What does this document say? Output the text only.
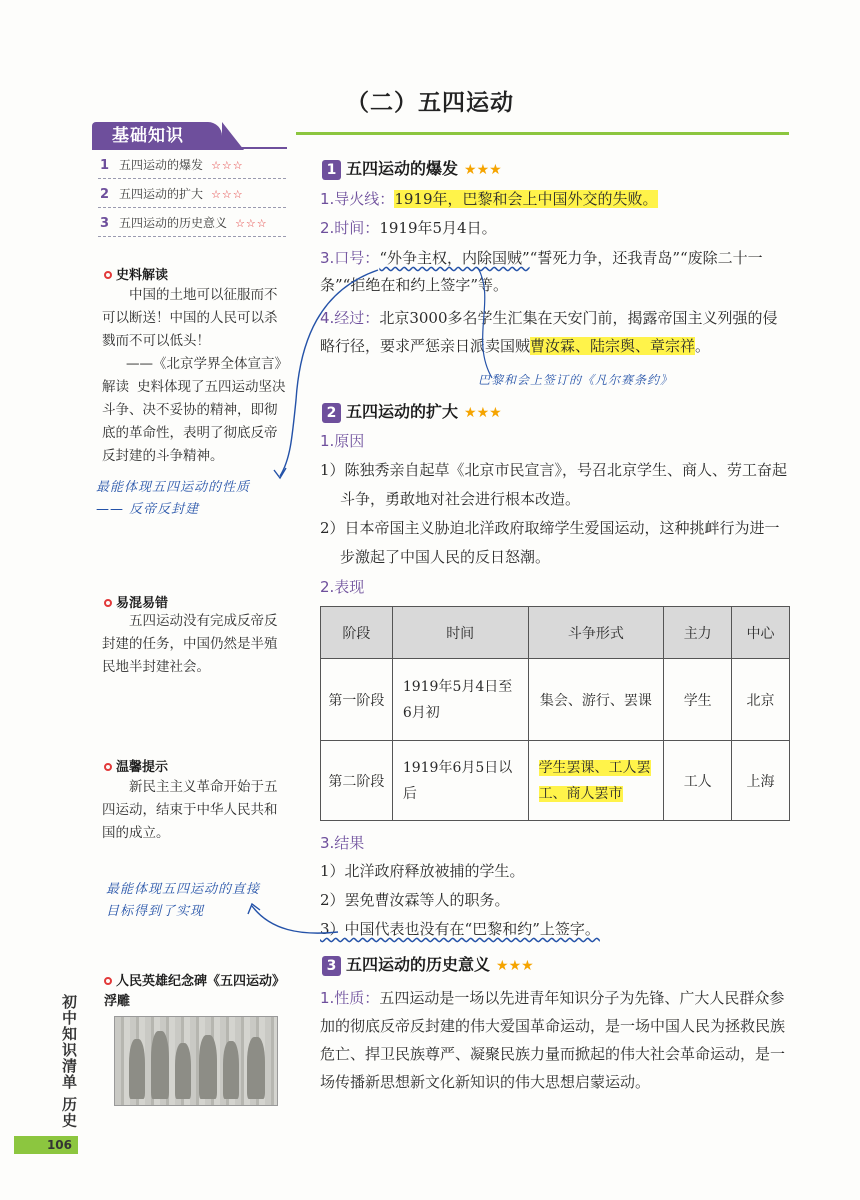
（二）五四运动
基础知识
1 五四运动的爆发 ☆☆☆
2 五四运动的扩大 ☆☆☆
3 五四运动的历史意义 ☆☆☆
史料解读

中国的土地可以征服而不可以断送！中国的人民可以杀戮而不可以低头！

——《北京学界全体宣言》
解读 史料体现了五四运动坚决斗争、决不妥协的精神，即彻底的革命性，表明了彻底反帝反封建的斗争精神。
最能体现五四运动的性质
—— 反帝反封建
易混易错

五四运动没有完成反帝反封建的任务，中国仍然是半殖民地半封建社会。

温馨提示

新民主主义革命开始于五四运动，结束于中华人民共和国的成立。

最能体现五四运动的直接
目标得到了实现
人民英雄纪念碑《五四运动》浮雕
初中知识清单 历史
106
1 五四运动的爆发 ★★★
1.导火线：1919年，巴黎和会上中国外交的失败。
2.时间：1919年5月4日。
3.口号：“外争主权，内除国贼”“誓死力争，还我青岛”“废除二十一条”“拒绝在和约上签字”等。
4.经过：北京3000多名学生汇集在天安门前，揭露帝国主义列强的侵略行径，要求严惩亲日派卖国贼曹汝霖、陆宗舆、章宗祥。
巴黎和会上签订的《凡尔赛条约》
2 五四运动的扩大 ★★★
1.原因
1）陈独秀亲自起草《北京市民宣言》，号召北京学生、商人、劳工奋起斗争，勇敢地对社会进行根本改造。
2）日本帝国主义胁迫北洋政府取缔学生爱国运动，这种挑衅行为进一步激起了中国人民的反日怒潮。
2.表现
阶段	时间	斗争形式	主力	中心
第一阶段	1919年5月4日至6月初	集会、游行、罢课	学生	北京
第二阶段	1919年6月5日以后	学生罢课、工人罢工、商人罢市	工人	上海
3.结果
1）北洋政府释放被捕的学生。
2）罢免曹汝霖等人的职务。
3）中国代表也没有在“巴黎和约”上签字。
3 五四运动的历史意义 ★★★
1.性质：五四运动是一场以先进青年知识分子为先锋、广大人民群众参加的彻底反帝反封建的伟大爱国革命运动，是一场中国人民为拯救民族危亡、捍卫民族尊严、凝聚民族力量而掀起的伟大社会革命运动，是一场传播新思想新文化新知识的伟大思想启蒙运动。
